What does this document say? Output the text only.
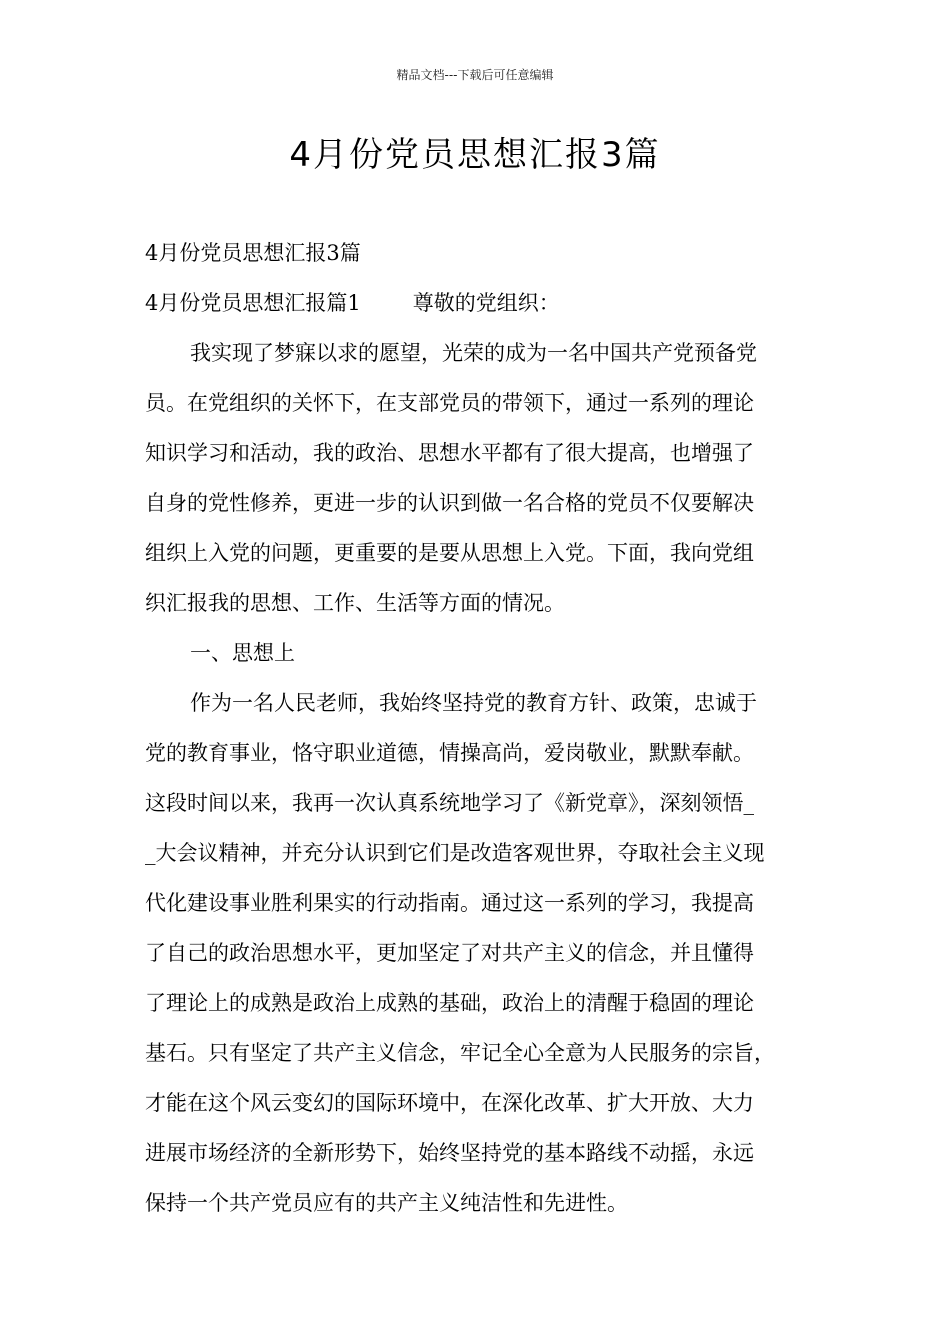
精品文档---下载后可任意编辑
4月份党员思想汇报3篇
4月份党员思想汇报3篇
4月份党员思想汇报篇1 尊敬的党组织：
我实现了梦寐以求的愿望，光荣的成为一名中国共产党预备党
员。在党组织的关怀下，在支部党员的带领下，通过一系列的理论
知识学习和活动，我的政治、思想水平都有了很大提高，也增强了
自身的党性修养，更进一步的认识到做一名合格的党员不仅要解决
组织上入党的问题，更重要的是要从思想上入党。下面，我向党组
织汇报我的思想、工作、生活等方面的情况。
一、思想上
作为一名人民老师，我始终坚持党的教育方针、政策，忠诚于
党的教育事业，恪守职业道德，情操高尚，爱岗敬业，默默奉献。
这段时间以来，我再一次认真系统地学习了《新党章》，深刻领悟_
_大会议精神，并充分认识到它们是改造客观世界，夺取社会主义现
代化建设事业胜利果实的行动指南。通过这一系列的学习，我提高
了自己的政治思想水平，更加坚定了对共产主义的信念，并且懂得
了理论上的成熟是政治上成熟的基础，政治上的清醒于稳固的理论
基石。只有坚定了共产主义信念，牢记全心全意为人民服务的宗旨，
才能在这个风云变幻的国际环境中，在深化改革、扩大开放、大力
进展市场经济的全新形势下，始终坚持党的基本路线不动摇，永远
保持一个共产党员应有的共产主义纯洁性和先进性。
